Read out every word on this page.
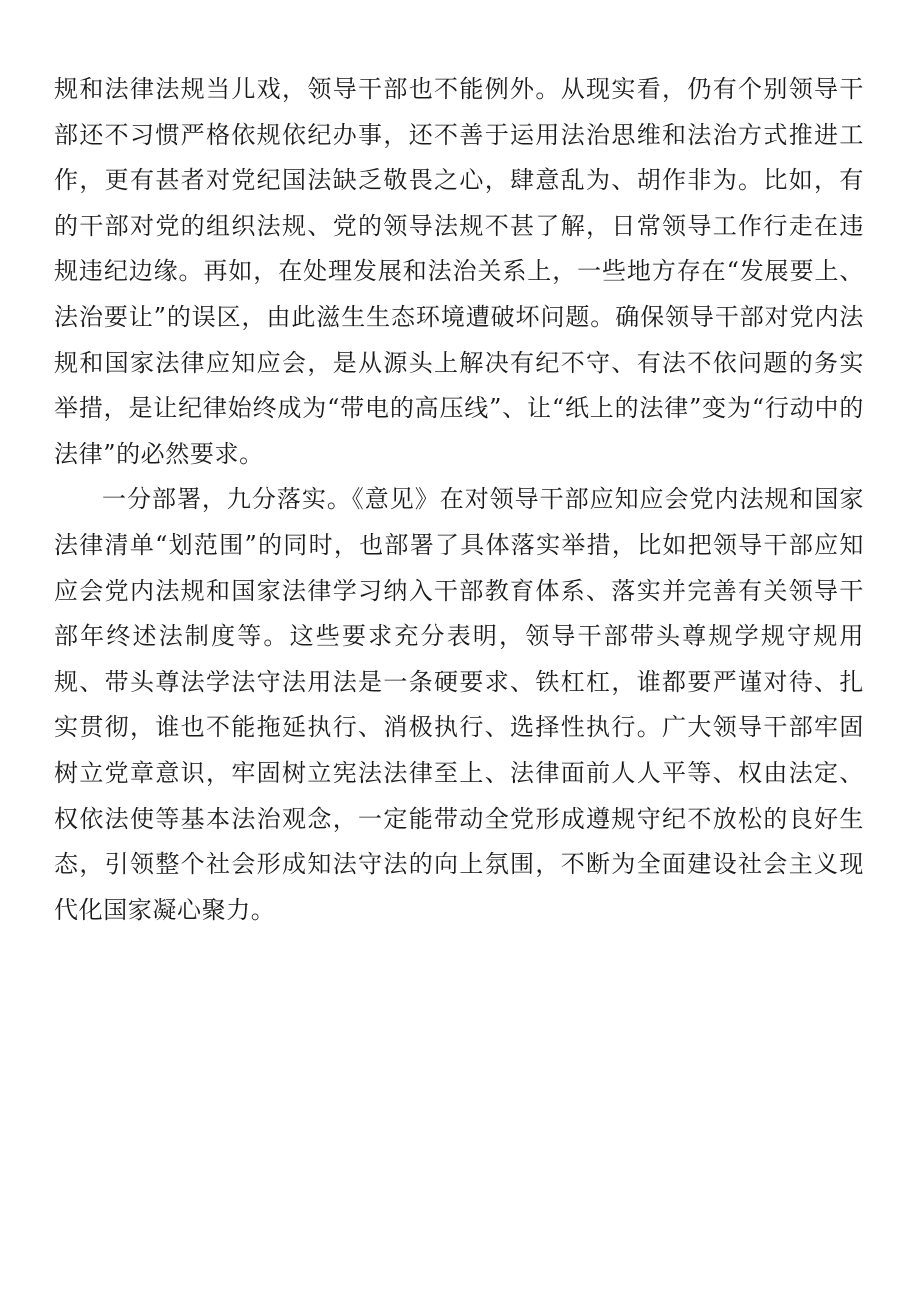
规和法律法规当儿戏，领导干部也不能例外。从现实看，仍有个别领导干部还不习惯严格依规依纪办事，还不善于运用法治思维和法治方式推进工作，更有甚者对党纪国法缺乏敬畏之心，肆意乱为、胡作非为。比如，有的干部对党的组织法规、党的领导法规不甚了解，日常领导工作行走在违规违纪边缘。再如，在处理发展和法治关系上，一些地方存在“发展要上、法治要让”的误区，由此滋生生态环境遭破坏问题。确保领导干部对党内法规和国家法律应知应会，是从源头上解决有纪不守、有法不依问题的务实举措，是让纪律始终成为“带电的高压线”、让“纸上的法律”变为“行动中的法律”的必然要求。

一分部署，九分落实。《意见》在对领导干部应知应会党内法规和国家法律清单“划范围”的同时，也部署了具体落实举措，比如把领导干部应知应会党内法规和国家法律学习纳入干部教育体系、落实并完善有关领导干部年终述法制度等。这些要求充分表明，领导干部带头尊规学规守规用规、带头尊法学法守法用法是一条硬要求、铁杠杠，谁都要严谨对待、扎实贯彻，谁也不能拖延执行、消极执行、选择性执行。广大领导干部牢固树立党章意识，牢固树立宪法法律至上、法律面前人人平等、权由法定、权依法使等基本法治观念，一定能带动全党形成遵规守纪不放松的良好生态，引领整个社会形成知法守法的向上氛围，不断为全面建设社会主义现代化国家凝心聚力。
